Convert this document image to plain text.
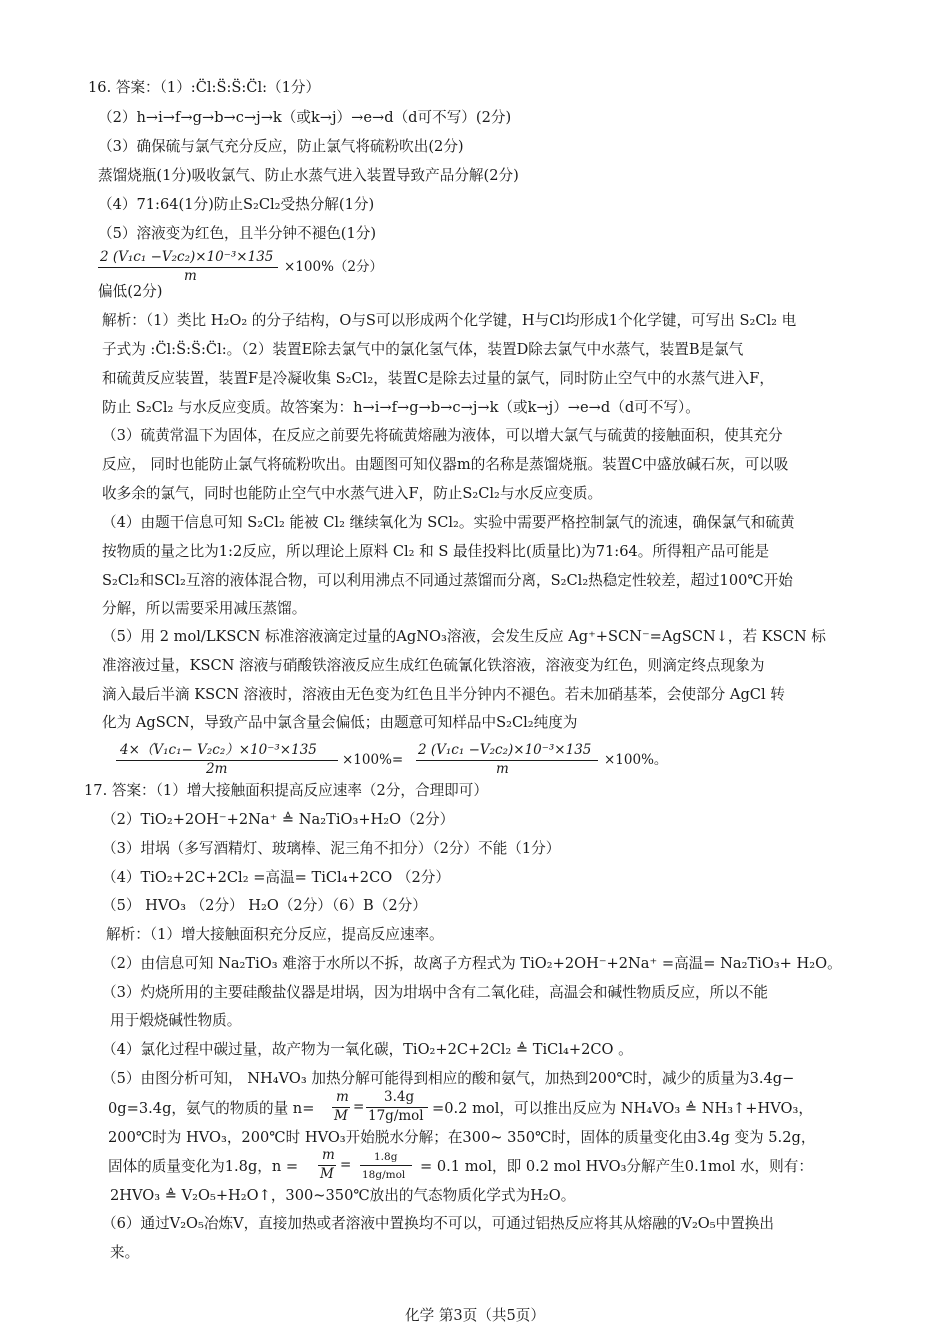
16. 答案：（1）:C̈l:S̈:S̈:C̈l:（1分）
（2）h→i→f→g→b→c→j→k（或k→j）→e→d（d可不写）(2分)
（3）确保硫与氯气充分反应，防止氯气将硫粉吹出(2分)
蒸馏烧瓶(1分)吸收氯气、防止水蒸气进入装置导致产品分解(2分)
（4）71:64(1分)防止S₂Cl₂受热分解(1分)
（5）溶液变为红色，且半分钟不褪色(1分)
2 (V₁c₁ −V₂c₂)×10⁻³×135
m
×100%（2分）
偏低(2分)
解析：（1）类比 H₂O₂ 的分子结构，O与S可以形成两个化学键，H与Cl均形成1个化学键，可写出 S₂Cl₂ 电
子式为 :C̈l:S̈:S̈:C̈l:。（2）装置E除去氯气中的氯化氢气体，装置D除去氯气中水蒸气，装置B是氯气
和硫黄反应装置，装置F是冷凝收集 S₂Cl₂，装置C是除去过量的氯气，同时防止空气中的水蒸气进入F，
防止 S₂Cl₂ 与水反应变质。故答案为：h→i→f→g→b→c→j→k（或k→j）→e→d（d可不写）。
（3）硫黄常温下为固体，在反应之前要先将硫黄熔融为液体，可以增大氯气与硫黄的接触面积，使其充分
反应， 同时也能防止氯气将硫粉吹出。由题图可知仪器m的名称是蒸馏烧瓶。装置C中盛放碱石灰，可以吸
收多余的氯气，同时也能防止空气中水蒸气进入F，防止S₂Cl₂与水反应变质。
（4）由题干信息可知 S₂Cl₂ 能被 Cl₂ 继续氧化为 SCl₂。实验中需要严格控制氯气的流速，确保氯气和硫黄
按物质的量之比为1:2反应，所以理论上原料 Cl₂ 和 S 最佳投料比(质量比)为71:64。所得粗产品可能是
S₂Cl₂和SCl₂互溶的液体混合物，可以利用沸点不同通过蒸馏而分离，S₂Cl₂热稳定性较差，超过100℃开始
分解，所以需要采用减压蒸馏。
（5）用 2 mol/LKSCN 标准溶液滴定过量的AgNO₃溶液，会发生反应 Ag⁺+SCN⁻=AgSCN↓，若 KSCN 标
准溶液过量，KSCN 溶液与硝酸铁溶液反应生成红色硫氰化铁溶液，溶液变为红色，则滴定终点现象为
滴入最后半滴 KSCN 溶液时，溶液由无色变为红色且半分钟内不褪色。若未加硝基苯，会使部分 AgCl 转
化为 AgSCN，导致产品中氯含量会偏低；由题意可知样品中S₂Cl₂纯度为
4×（V₁c₁− V₂c₂）×10⁻³×135
2m
×100%=
2 (V₁c₁ −V₂c₂)×10⁻³×135
m
×100%。
17. 答案：（1）增大接触面积提高反应速率（2分，合理即可）
（2）TiO₂+2OH⁻+2Na⁺ ≜ Na₂TiO₃+H₂O（2分）
（3）坩埚（多写酒精灯、玻璃棒、泥三角不扣分）（2分）不能（1分）
（4）TiO₂+2C+2Cl₂ =高温= TiCl₄+2CO （2分）
（5） HVO₃ （2分） H₂O（2分）（6）B（2分）
解析：（1）增大接触面积充分反应，提高反应速率。
（2）由信息可知 Na₂TiO₃ 难溶于水所以不拆，故离子方程式为 TiO₂+2OH⁻+2Na⁺ =高温= Na₂TiO₃+ H₂O。
（3）灼烧所用的主要硅酸盐仪器是坩埚，因为坩埚中含有二氧化硅，高温会和碱性物质反应，所以不能
用于煅烧碱性物质。
（4）氯化过程中碳过量，故产物为一氧化碳，TiO₂+2C+2Cl₂ ≜ TiCl₄+2CO 。
（5）由图分析可知， NH₄VO₃ 加热分解可能得到相应的酸和氨气，加热到200℃时，减少的质量为3.4g−
0g=3.4g，氨气的物质的量 n=
m
M
=
3.4g
17g/mol =0.2 mol，可以推出反应为 NH₄VO₃ ≜ NH₃↑+HVO₃，
200℃时为 HVO₃，200℃时 HVO₃开始脱水分解；在300~ 350℃时，固体的质量变化由3.4g 变为 5.2g，
固体的质量变化为1.8g，n =
m
M
= 1.8g
18g/mol = 0.1 mol，即 0.2 mol HVO₃分解产生0.1mol 水，则有：
2HVO₃ ≜ V₂O₅+H₂O↑，300~350℃放出的气态物质化学式为H₂O。
（6）通过V₂O₅冶炼V，直接加热或者溶液中置换均不可以，可通过铝热反应将其从熔融的V₂O₅中置换出
来。
化学 第3页（共5页）
